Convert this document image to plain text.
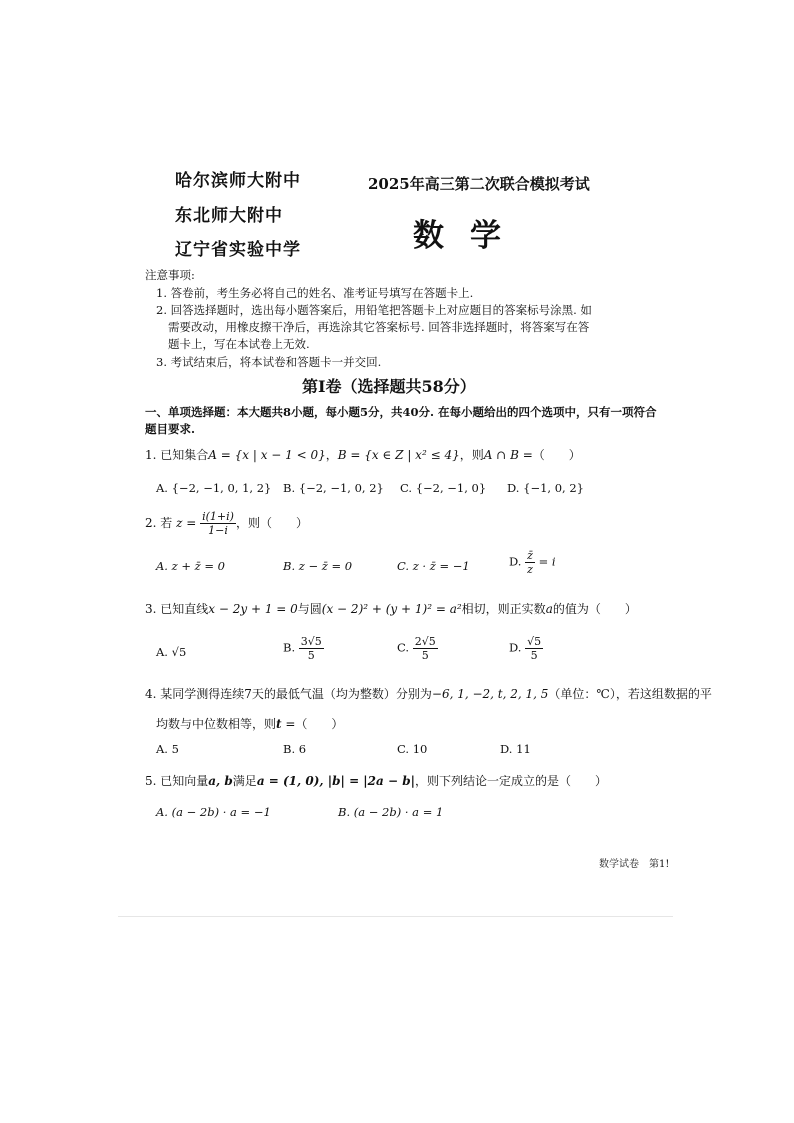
哈尔滨师大附中
东北师大附中
辽宁省实验中学
2025年高三第二次联合模拟考试
数学
注意事项:
1. 答卷前，考生务必将自己的姓名、准考证号填写在答题卡上.
2. 回答选择题时，选出每小题答案后，用铅笔把答题卡上对应题目的答案标号涂黑. 如
需要改动，用橡皮擦干净后，再选涂其它答案标号. 回答非选择题时，将答案写在答
题卡上，写在本试卷上无效.
3. 考试结束后，将本试卷和答题卡一并交回.
第Ⅰ卷（选择题共58分）
一、单项选择题：本大题共8小题，每小题5分，共40分. 在每小题给出的四个选项中，只有一项符合
题目要求.
1. 已知集合A = {x | x − 1 < 0}，B = {x ∈ Z | x² ≤ 4}，则A ∩ B =（　　）
A. {−2, −1, 0, 1, 2} B. {−2, −1, 0, 2} C. {−2, −1, 0} D. {−1, 0, 2}
2. 若 $z = \frac{i(1+i)}{1-i}$ ，则（　　）
A. z + z̄ = 0	B. z − z̄ = 0	C. z · z̄ = −1	D. $\frac{z̄}{z} = i$
3. 已知直线x − 2y + 1 = 0与圆(x − 2)² + (y + 1)² = a²相切，则正实数a的值为（　　）
A. √5	B. $\frac{3√5}{5}$	C. $\frac{2√5}{5}$	D. $\frac{√5}{5}$
4. 某同学测得连续7天的最低气温（均为整数）分别为−6, 1, −2, t, 2, 1, 5（单位：℃），若这组数据的平
均数与中位数相等，则t =（　　）
A. 5	B. 6	C. 10	D. 11
5. 已知向量a, b满足a = (1, 0), |b| = |2a − b|，则下列结论一定成立的是（　　）
A. (a − 2b) · a = −1	B. (a − 2b) · a = 1
数学试卷　第1!
